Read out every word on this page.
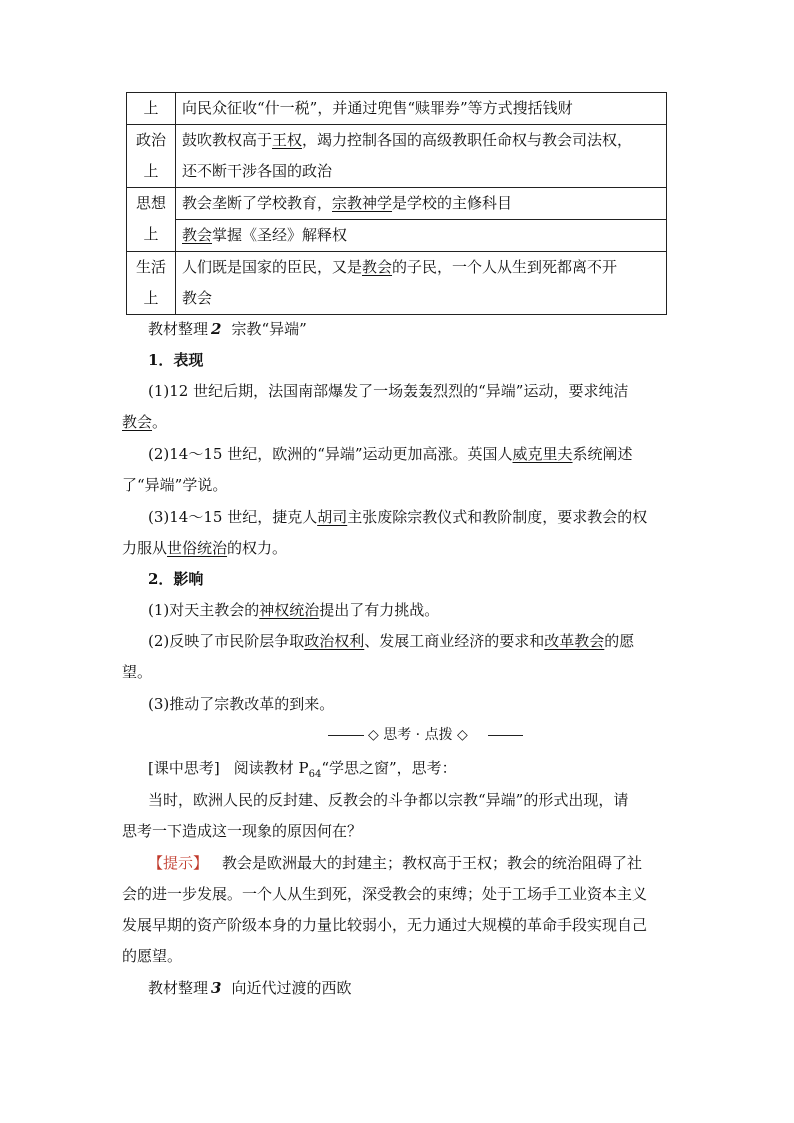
上	向民众征收“什一税”，并通过兜售“赎罪券”等方式搜括钱财
政治
上	鼓吹教权高于王权，竭力控制各国的高级教职任命权与教会司法权，
还不断干涉各国的政治
思想
上	教会垄断了学校教育，宗教神学是学校的主修科目
	教会掌握《圣经》解释权
生活
上	人们既是国家的臣民，又是教会的子民，一个人从生到死都离不开
教会
教材整理 2 宗教“异端”
1．表现
(1)12 世纪后期，法国南部爆发了一场轰轰烈烈的“异端”运动，要求纯洁
教会。
(2)14～15 世纪，欧洲的“异端”运动更加高涨。英国人威克里夫系统阐述
了“异端”学说。
(3)14～15 世纪，捷克人胡司主张废除宗教仪式和教阶制度，要求教会的权
力服从世俗统治的权力。
2．影响
(1)对天主教会的神权统治提出了有力挑战。
(2)反映了市民阶层争取政治权利、发展工商业经济的要求和改革教会的愿
望。
(3)推动了宗教改革的到来。
◇ 思考 · 点拨 ◇
[课中思考] 阅读教材 $P_{64}“$学思之窗”，思考：
当时，欧洲人民的反封建、反教会的斗争都以宗教“异端”的形式出现，请
思考一下造成这一现象的原因何在？
【提示】 教会是欧洲最大的封建主；教权高于王权；教会的统治阻碍了社
会的进一步发展。一个人从生到死，深受教会的束缚；处于工场手工业资本主义
发展早期的资产阶级本身的力量比较弱小，无力通过大规模的革命手段实现自己
的愿望。
教材整理 3 向近代过渡的西欧
